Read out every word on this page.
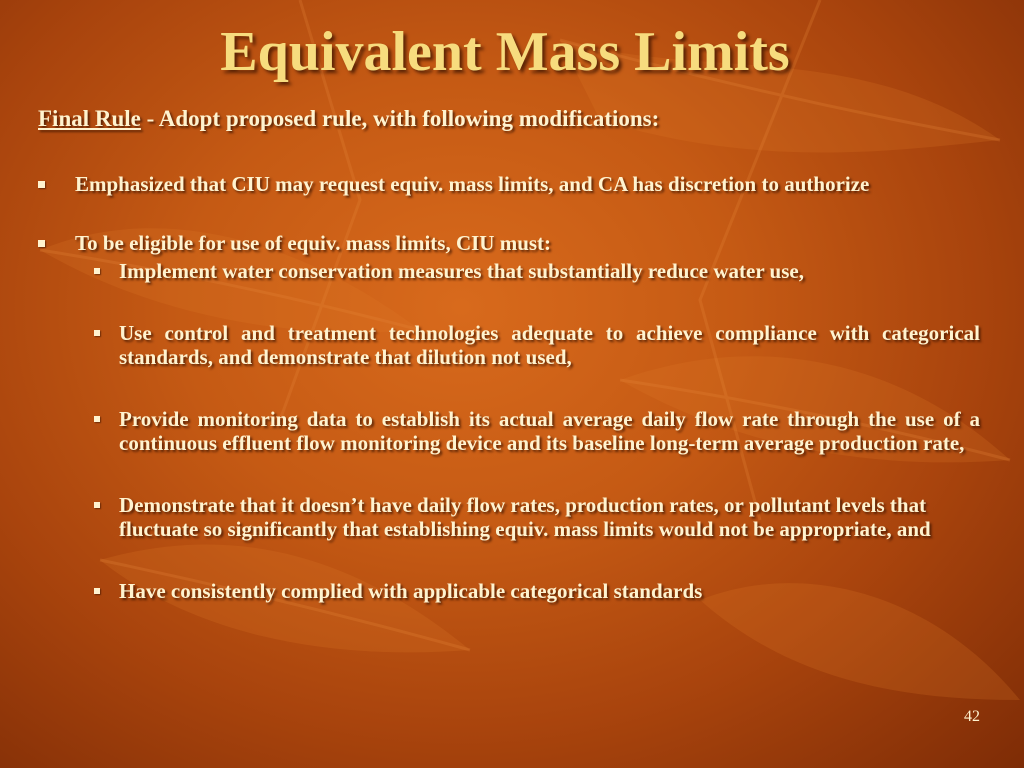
Equivalent Mass Limits
Final Rule - Adopt proposed rule, with following modifications:
Emphasized that CIU may request equiv. mass limits, and CA has discretion to authorize
To be eligible for use of equiv. mass limits, CIU must:
Implement water conservation measures that substantially reduce water use,
Use control and treatment technologies adequate to achieve compliance with categorical standards, and demonstrate that dilution not used,
Provide monitoring data to establish its actual average daily flow rate through the use of a continuous effluent flow monitoring device and its baseline long-term average production rate,
Demonstrate that it doesn’t have daily flow rates, production rates, or pollutant levels that fluctuate so significantly that establishing equiv. mass limits would not be appropriate, and
Have consistently complied with applicable categorical standards
42
